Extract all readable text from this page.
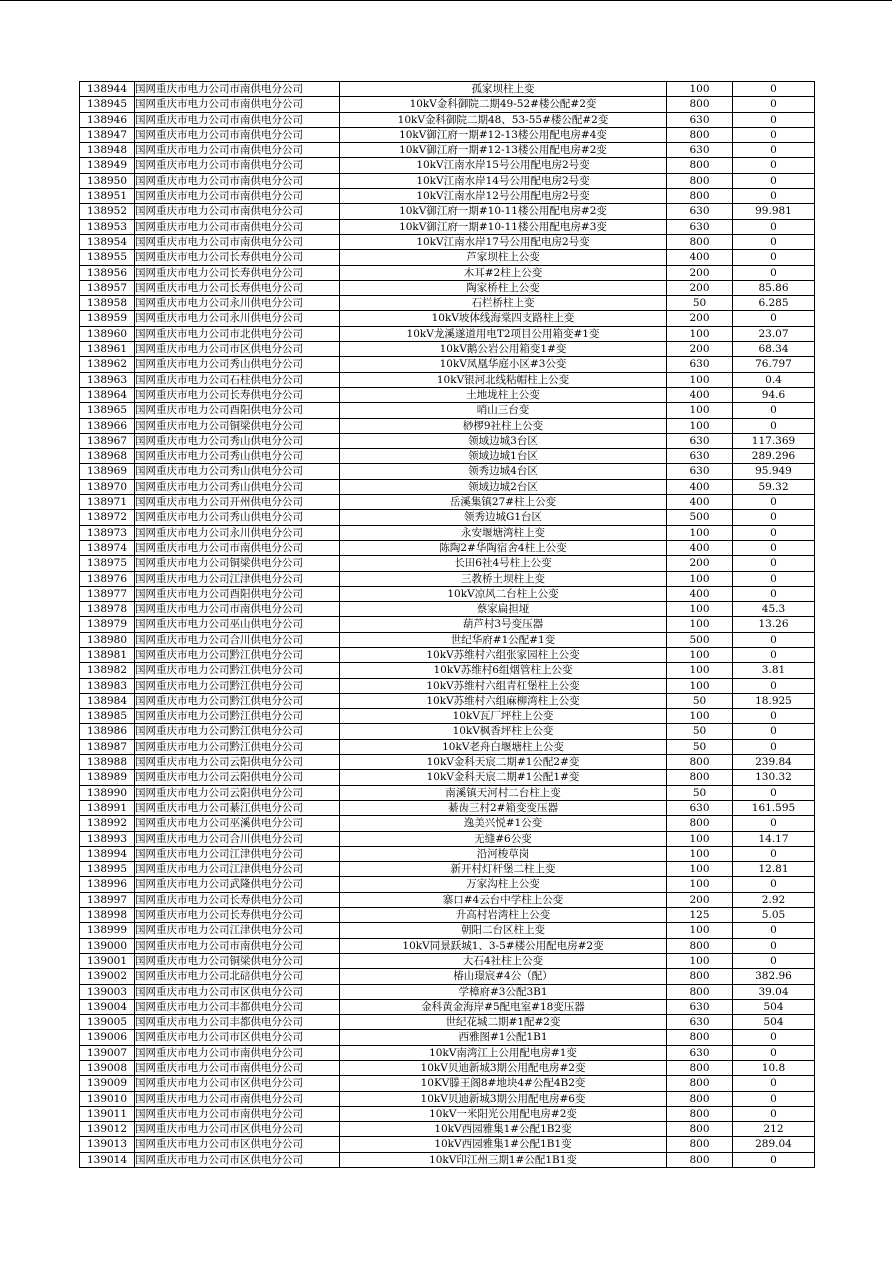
138944	国网重庆市电力公司市南供电分公司	孤家坝柱上变	100	0
138945	国网重庆市电力公司市南供电分公司	10kV金科御院二期49-52#楼公配#2变	800	0
138946	国网重庆市电力公司市南供电分公司	10kV金科御院二期48、53-55#楼公配#2变	630	0
138947	国网重庆市电力公司市南供电分公司	10kV御江府一期#12-13楼公用配电房#4变	800	0
138948	国网重庆市电力公司市南供电分公司	10kV御江府一期#12-13楼公用配电房#2变	630	0
138949	国网重庆市电力公司市南供电分公司	10kV江南水岸15号公用配电房2号变	800	0
138950	国网重庆市电力公司市南供电分公司	10kV江南水岸14号公用配电房2号变	800	0
138951	国网重庆市电力公司市南供电分公司	10kV江南水岸12号公用配电房2号变	800	0
138952	国网重庆市电力公司市南供电分公司	10kV御江府一期#10-11楼公用配电房#2变	630	99.981
138953	国网重庆市电力公司市南供电分公司	10kV御江府一期#10-11楼公用配电房#3变	630	0
138954	国网重庆市电力公司市南供电分公司	10kV江南水岸17号公用配电房2号变	800	0
138955	国网重庆市电力公司长寿供电分公司	芦家坝柱上公变	400	0
138956	国网重庆市电力公司长寿供电分公司	木耳#2柱上公变	200	0
138957	国网重庆市电力公司长寿供电分公司	陶家桥柱上公变	200	85.86
138958	国网重庆市电力公司永川供电分公司	石栏桥柱上变	50	6.285
138959	国网重庆市电力公司永川供电分公司	10kV坡体线海棠四支路柱上变	200	0
138960	国网重庆市电力公司市北供电分公司	10kV龙溪遂道用电T2项目公用箱变#1变	100	23.07
138961	国网重庆市电力公司市区供电分公司	10kV鹅公岩公用箱变1#变	200	68.34
138962	国网重庆市电力公司秀山供电分公司	10kV凤凰华庭小区#3公变	630	76.797
138963	国网重庆市电力公司石柱供电分公司	10kV银河北线粘帽柱上公变	100	0.4
138964	国网重庆市电力公司长寿供电分公司	土地垅柱上公变	400	94.6
138965	国网重庆市电力公司酉阳供电分公司	哨山三台变	100	0
138966	国网重庆市电力公司铜梁供电分公司	桫椤9社柱上公变	100	0
138967	国网重庆市电力公司秀山供电分公司	领域边城3台区	630	117.369
138968	国网重庆市电力公司秀山供电分公司	领域边城1台区	630	289.296
138969	国网重庆市电力公司秀山供电分公司	领秀边城4台区	630	95.949
138970	国网重庆市电力公司秀山供电分公司	领域边城2台区	400	59.32
138971	国网重庆市电力公司开州供电分公司	岳溪集镇27#柱上公变	400	0
138972	国网重庆市电力公司秀山供电分公司	领秀边城G1台区	500	0
138973	国网重庆市电力公司永川供电分公司	永安堰塘湾柱上变	100	0
138974	国网重庆市电力公司市南供电分公司	陈陶2#华陶宿舍4柱上公变	400	0
138975	国网重庆市电力公司铜梁供电分公司	长田6社4号柱上公变	200	0
138976	国网重庆市电力公司江津供电分公司	三教桥土坝柱上变	100	0
138977	国网重庆市电力公司酉阳供电分公司	10kV凉风二台柱上公变	400	0
138978	国网重庆市电力公司市南供电分公司	蔡家扁担垭	100	45.3
138979	国网重庆市电力公司巫山供电分公司	葫芦村3号变压器	100	13.26
138980	国网重庆市电力公司合川供电分公司	世纪华府#1公配#1变	500	0
138981	国网重庆市电力公司黔江供电分公司	10kV苏维村六组张家园柱上公变	100	0
138982	国网重庆市电力公司黔江供电分公司	10kV苏维村6组烟管柱上公变	100	3.81
138983	国网重庆市电力公司黔江供电分公司	10kV苏维村六组青杠堡柱上公变	100	0
138984	国网重庆市电力公司黔江供电分公司	10kV苏维村六组麻柳湾柱上公变	50	18.925
138985	国网重庆市电力公司黔江供电分公司	10kV瓦厂坪柱上公变	100	0
138986	国网重庆市电力公司黔江供电分公司	10kV枫香坪柱上公变	50	0
138987	国网重庆市电力公司黔江供电分公司	10kV老舟白堰塘柱上公变	50	0
138988	国网重庆市电力公司云阳供电分公司	10kV金科天宸二期#1公配2#变	800	239.84
138989	国网重庆市电力公司云阳供电分公司	10kV金科天宸二期#1公配1#变	800	130.32
138990	国网重庆市电力公司云阳供电分公司	南溪镇天河村二台柱上变	50	0
138991	国网重庆市电力公司綦江供电分公司	綦齿三村2#箱变变压器	630	161.595
138992	国网重庆市电力公司巫溪供电分公司	逸美兴悦#1公变	800	0
138993	国网重庆市电力公司合川供电分公司	无缝#6公变	100	14.17
138994	国网重庆市电力公司江津供电分公司	沿河梭草岗	100	0
138995	国网重庆市电力公司江津供电分公司	新开村灯杆堡二柱上变	100	12.81
138996	国网重庆市电力公司武隆供电分公司	万家沟柱上公变	100	0
138997	国网重庆市电力公司长寿供电分公司	寨口#4云台中学柱上公变	200	2.92
138998	国网重庆市电力公司长寿供电分公司	升高村岩湾柱上公变	125	5.05
138999	国网重庆市电力公司江津供电分公司	朝阳二台区柱上变	100	0
139000	国网重庆市电力公司市南供电分公司	10kV同景跃城1、3-5#楼公用配电房#2变	800	0
139001	国网重庆市电力公司铜梁供电分公司	大石4社柱上公变	100	0
139002	国网重庆市电力公司北碚供电分公司	椿山璟宸#4公（配）	800	382.96
139003	国网重庆市电力公司市区供电分公司	学樟府#3公配3B1	800	39.04
139004	国网重庆市电力公司丰都供电分公司	金科黄金海岸#5配电室#18变压器	630	504
139005	国网重庆市电力公司丰都供电分公司	世纪花城二期#1配#2变	630	504
139006	国网重庆市电力公司市区供电分公司	西雅图#1公配1B1	800	0
139007	国网重庆市电力公司市南供电分公司	10kV南湾江上公用配电房#1变	630	0
139008	国网重庆市电力公司市南供电分公司	10kV贝迪新城3期公用配电房#2变	800	10.8
139009	国网重庆市电力公司市区供电分公司	10KV滕王阁8#地块4#公配4B2变	800	0
139010	国网重庆市电力公司市南供电分公司	10kV贝迪新城3期公用配电房#6变	800	0
139011	国网重庆市电力公司市南供电分公司	10kV一米阳光公用配电房#2变	800	0
139012	国网重庆市电力公司市区供电分公司	10kV西园雅集1#公配1B2变	800	212
139013	国网重庆市电力公司市区供电分公司	10kV西园雅集1#公配1B1变	800	289.04
139014	国网重庆市电力公司市区供电分公司	10kV印江州三期1#公配1B1变	800	0
